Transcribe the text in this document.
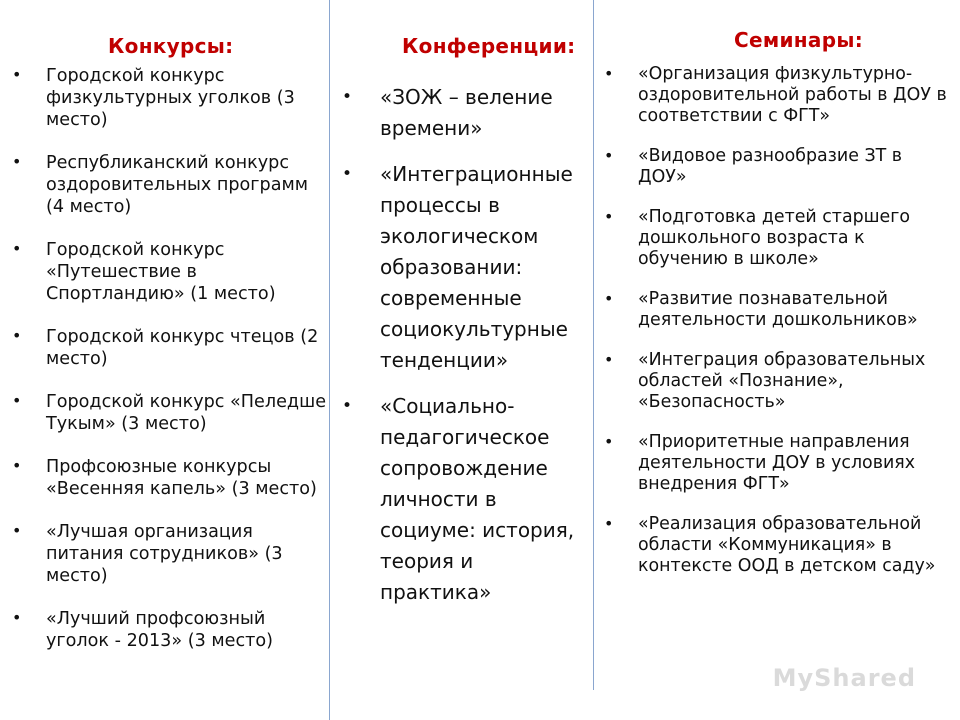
Конкурсы:
• Городской конкурс физкультурных уголков (3 место)
• Республиканский конкурс оздоровительных программ (4 место)
• Городской конкурс «Путешествие в Спортландию» (1 место)
• Городской конкурс чтецов (2 место)
• Городской конкурс «Пеледше Тукым» (3 место)
• Профсоюзные конкурсы «Весенняя капель» (3 место)
• «Лучшая организация питания сотрудников» (3 место)
• «Лучший профсоюзный уголок - 2013» (3 место)
Конференции:
• «ЗОЖ – веление времени»
• «Интеграционные процессы в экологическом образовании: современные социокультурные тенденции»
• «Социально-педагогическое сопровождение личности в социуме: история, теория и практика»
Семинары:
• «Организация физкультурно-оздоровительной работы в ДОУ в соответствии с ФГТ»
• «Видовое разнообразие ЗТ в ДОУ»
• «Подготовка детей старшего дошкольного возраста к обучению в школе»
• «Развитие познавательной деятельности дошкольников»
• «Интеграция образовательных областей «Познание», «Безопасность»
• «Приоритетные направления деятельности ДОУ в условиях внедрения ФГТ»
• «Реализация образовательной области «Коммуникация» в контексте ООД в детском саду»
MyShared
